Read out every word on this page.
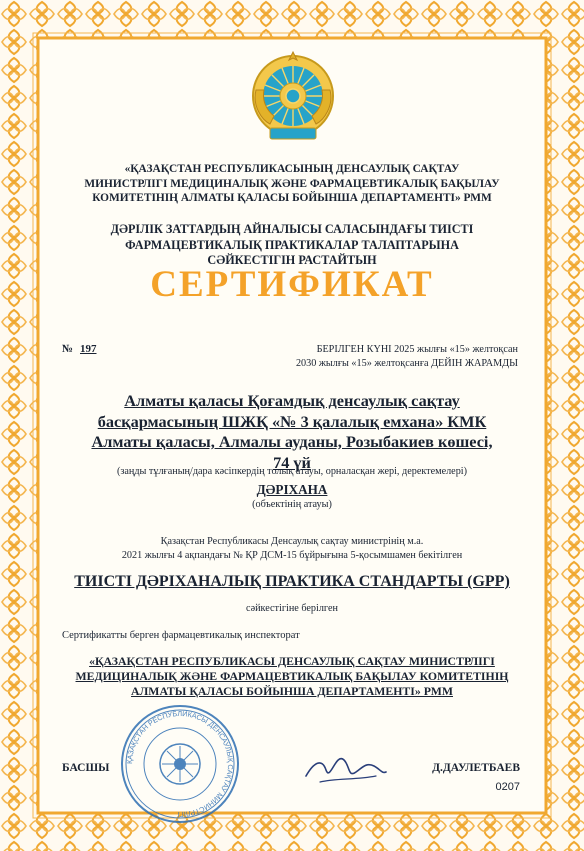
«ҚАЗАҚСТАН РЕСПУБЛИКАСЫНЫҢ ДЕНСАУЛЫҚ САҚТАУ
МИНИСТРЛІГІ МЕДИЦИНАЛЫҚ ЖӘНЕ ФАРМАЦЕВТИКАЛЫҚ БАҚЫЛАУ
КОМИТЕТІНІҢ АЛМАТЫ ҚАЛАСЫ БОЙЫНША ДЕПАРТАМЕНТІ» РММ
ДӘРІЛІК ЗАТТАРДЫҢ АЙНАЛЫСЫ САЛАСЫНДАҒЫ ТИІСТІ
ФАРМАЦЕВТИКАЛЫҚ ПРАКТИКАЛАР ТАЛАПТАРЫНА
СӘЙКЕСТІГІН РАСТАЙТЫН
СЕРТИФИКАТ
№ 197	БЕРІЛГЕН КҮНІ 2025 жылғы «15» желтоқсан
2030 жылғы «15» желтоқсанға ДЕЙІН ЖАРАМДЫ
Алматы қаласы Қоғамдық денсаулық сақтау
басқармасының ШЖҚ «№ 3 қалалық емхана» КМК
Алматы қаласы, Алмалы ауданы, Розыбакиев көшесі,
74 үй
(заңды тұлғаның/дара кәсіпкердің толық атауы, орналасқан жері, деректемелері)
ДӘРІХАНА
(объектінің атауы)
Қазақстан Республикасы Денсаулық сақтау министрінің м.а.
2021 жылғы 4 ақпандағы № ҚР ДСМ-15 бұйрығына 5-қосымшамен бекітілген
ТИІСТІ ДӘРІХАНАЛЫҚ ПРАКТИКА СТАНДАРТЫ (GPP)
сәйкестігіне берілген
Сертификатты берген фармацевтикалық инспекторат
«ҚАЗАҚСТАН РЕСПУБЛИКАСЫ ДЕНСАУЛЫҚ САҚТАУ МИНИСТРЛІГІ
МЕДИЦИНАЛЫҚ ЖӘНЕ ФАРМАЦЕВТИКАЛЫҚ БАҚЫЛАУ КОМИТЕТІНІҢ
АЛМАТЫ ҚАЛАСЫ БОЙЫНША ДЕПАРТАМЕНТІ» РММ
БАСШЫ	Д.ДАУЛЕТБАЕВ
0207
ҚАЗАҚСТАН РЕСПУБЛИКАСЫ ДЕНСАУЛЫҚ САҚТАУ МИНИСТРЛІГІ
